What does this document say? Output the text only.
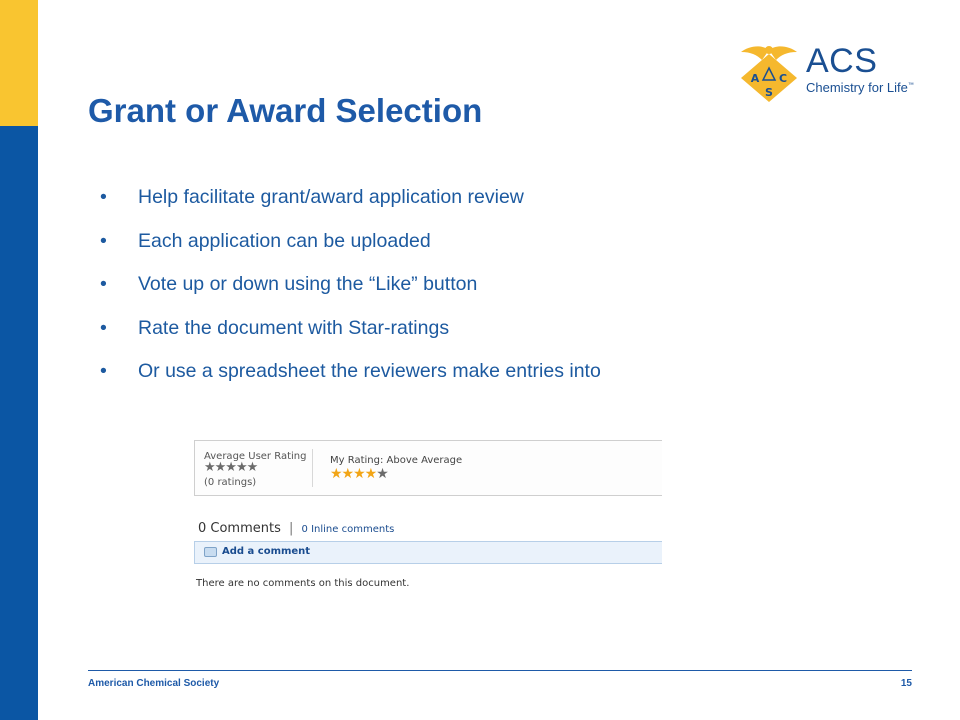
Grant or Award Selection
A C
S
ACS
Chemistry for Life™
• Help facilitate grant/award application review
• Each application can be uploaded
• Vote up or down using the “Like” button
• Rate the document with Star-ratings
• Or use a spreadsheet the reviewers make entries into
Average User Rating
★★★★★
(0 ratings)
My Rating: Above Average
★★★★★
0 Comments | 0 Inline comments
Add a comment
There are no comments on this document.
American Chemical Society	15
